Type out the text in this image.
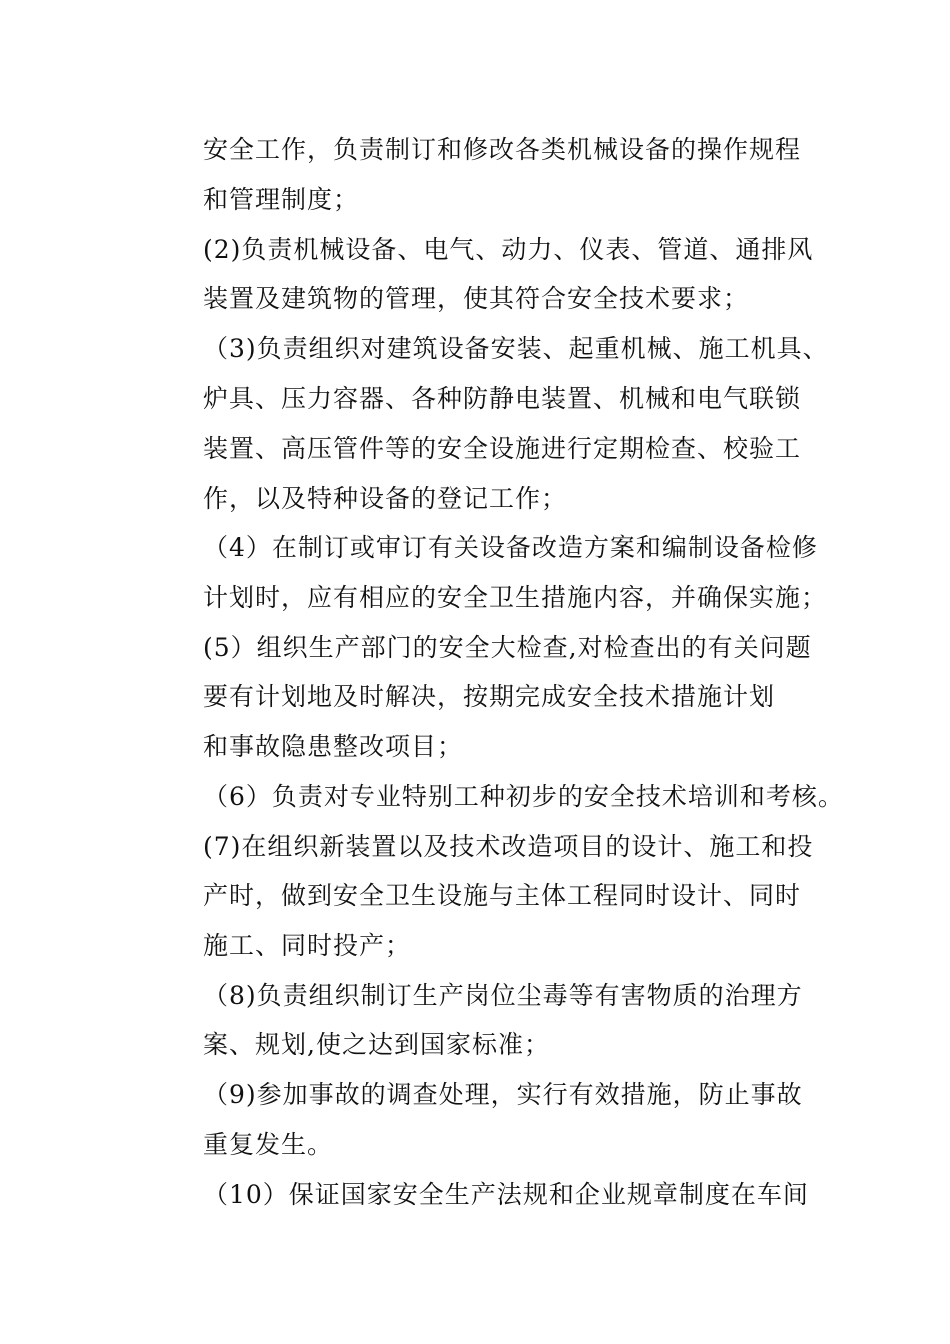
安全工作，负责制订和修改各类机械设备的操作规程
和管理制度；
(2)负责机械设备、电气、动力、仪表、管道、通排风
装置及建筑物的管理，使其符合安全技术要求；
（3)负责组织对建筑设备安装、起重机械、施工机具、
炉具、压力容器、各种防静电装置、机械和电气联锁
装置、高压管件等的安全设施进行定期检查、校验工
作，以及特种设备的登记工作；
（4）在制订或审订有关设备改造方案和编制设备检修
计划时，应有相应的安全卫生措施内容，并确保实施；
(5）组织生产部门的安全大检查,对检查出的有关问题
要有计划地及时解决，按期完成安全技术措施计划
和事故隐患整改项目；
（6）负责对专业特别工种初步的安全技术培训和考核。
(7)在组织新装置以及技术改造项目的设计、施工和投
产时，做到安全卫生设施与主体工程同时设计、同时
施工、同时投产；
（8)负责组织制订生产岗位尘毒等有害物质的治理方
案、规划,使之达到国家标准；
（9)参加事故的调查处理，实行有效措施，防止事故
重复发生。
（10）保证国家安全生产法规和企业规章制度在车间
